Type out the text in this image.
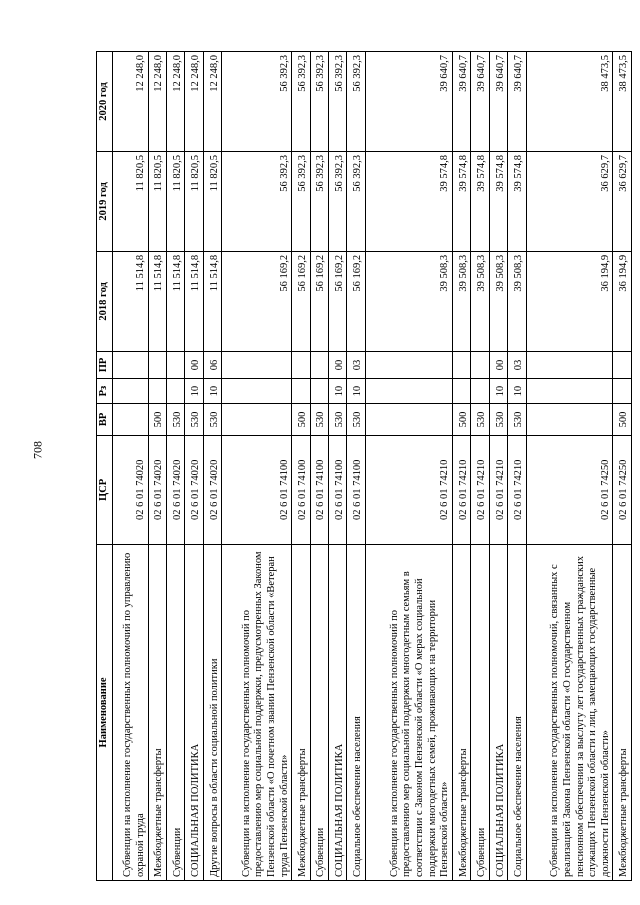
708
Наименование	ЦСР	ВР	Рз	ПР	2018 год	2019 год	2020 год
Субвенции на исполнение государственных полномочий по управлению охраной труда	02 6 01 74020				11 514,8	11 820,5	12 248,0
Межбюджетные трансферты	02 6 01 74020	500			11 514,8	11 820,5	12 248,0
Субвенции	02 6 01 74020	530			11 514,8	11 820,5	12 248,0
СОЦИАЛЬНАЯ ПОЛИТИКА	02 6 01 74020	530	10	00	11 514,8	11 820,5	12 248,0
Другие вопросы в области социальной политики	02 6 01 74020	530	10	06	11 514,8	11 820,5	12 248,0
Субвенции на исполнение государственных полномочий по предоставлению мер социальной поддержки, предусмотренных Законом Пензенской области «О почетном звании Пензенской области «Ветеран труда Пензенской области»	02 6 01 74100				56 169,2	56 392,3	56 392,3
Межбюджетные трансферты	02 6 01 74100	500			56 169,2	56 392,3	56 392,3
Субвенции	02 6 01 74100	530			56 169,2	56 392,3	56 392,3
СОЦИАЛЬНАЯ ПОЛИТИКА	02 6 01 74100	530	10	00	56 169,2	56 392,3	56 392,3
Социальное обеспечение населения	02 6 01 74100	530	10	03	56 169,2	56 392,3	56 392,3
Субвенции на исполнение государственных полномочий по предоставлению мер социальной поддержки многодетным семьям в соответствии с Законом Пензенской области «О мерах социальной поддержки многодетных семей, проживающих на территории Пензенской области»	02 6 01 74210				39 508,3	39 574,8	39 640,7
Межбюджетные трансферты	02 6 01 74210	500			39 508,3	39 574,8	39 640,7
Субвенции	02 6 01 74210	530			39 508,3	39 574,8	39 640,7
СОЦИАЛЬНАЯ ПОЛИТИКА	02 6 01 74210	530	10	00	39 508,3	39 574,8	39 640,7
Социальное обеспечение населения	02 6 01 74210	530	10	03	39 508,3	39 574,8	39 640,7
Субвенции на исполнение государственных полномочий, связанных с реализацией Закона Пензенской области «О государственном пенсионном обеспечении за выслугу лет государственных гражданских служащих Пензенской области и лиц, замещающих государственные должности Пензенской области»	02 6 01 74250				36 194,9	36 629,7	38 473,5
Межбюджетные трансферты	02 6 01 74250	500			36 194,9	36 629,7	38 473,5
